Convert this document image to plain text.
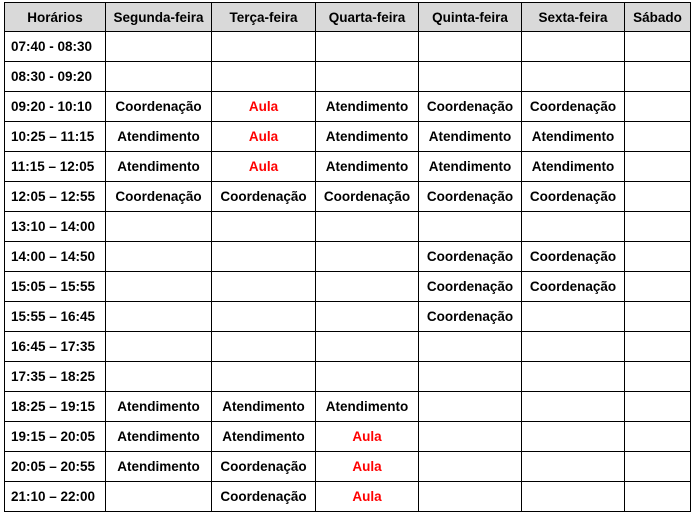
Horários	Segunda-feira	Terça-feira	Quarta-feira	Quinta-feira	Sexta-feira	Sábado
07:40 - 08:30						
08:30 - 09:20						
09:20 - 10:10	Coordenação	Aula	Atendimento	Coordenação	Coordenação	
10:25 – 11:15	Atendimento	Aula	Atendimento	Atendimento	Atendimento	
11:15 – 12:05	Atendimento	Aula	Atendimento	Atendimento	Atendimento	
12:05 – 12:55	Coordenação	Coordenação	Coordenação	Coordenação	Coordenação	
13:10 – 14:00						
14:00 – 14:50				Coordenação	Coordenação	
15:05 – 15:55				Coordenação	Coordenação	
15:55 – 16:45				Coordenação		
16:45 – 17:35						
17:35 – 18:25						
18:25 – 19:15	Atendimento	Atendimento	Atendimento			
19:15 – 20:05	Atendimento	Atendimento	Aula			
20:05 – 20:55	Atendimento	Coordenação	Aula			
21:10 – 22:00		Coordenação	Aula			
